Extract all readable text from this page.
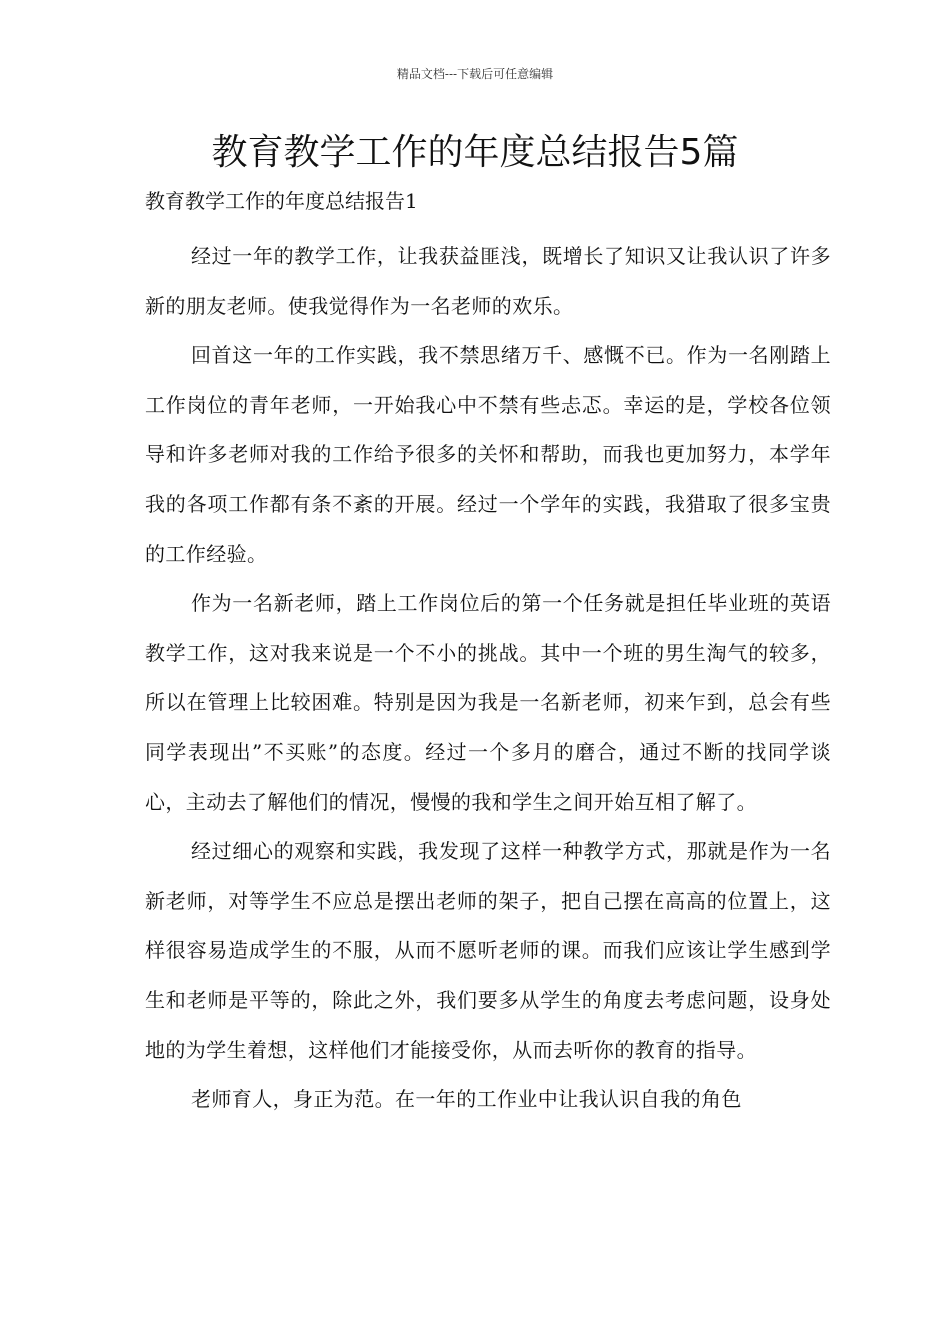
精品文档---下载后可任意编辑
教育教学工作的年度总结报告5篇
教育教学工作的年度总结报告1

经过一年的教学工作，让我获益匪浅，既增长了知识又让我认识了许多新的朋友老师。使我觉得作为一名老师的欢乐。

回首这一年的工作实践，我不禁思绪万千、感慨不已。作为一名刚踏上工作岗位的青年老师，一开始我心中不禁有些忐忑。幸运的是，学校各位领导和许多老师对我的工作给予很多的关怀和帮助，而我也更加努力，本学年我的各项工作都有条不紊的开展。经过一个学年的实践，我猎取了很多宝贵的工作经验。

作为一名新老师，踏上工作岗位后的第一个任务就是担任毕业班的英语教学工作，这对我来说是一个不小的挑战。其中一个班的男生淘气的较多，所以在管理上比较困难。特别是因为我是一名新老师，初来乍到，总会有些同学表现出”不买账”的态度。经过一个多月的磨合，通过不断的找同学谈心，主动去了解他们的情况，慢慢的我和学生之间开始互相了解了。

经过细心的观察和实践，我发现了这样一种教学方式，那就是作为一名新老师，对等学生不应总是摆出老师的架子，把自己摆在高高的位置上，这样很容易造成学生的不服，从而不愿听老师的课。而我们应该让学生感到学生和老师是平等的，除此之外，我们要多从学生的角度去考虑问题，设身处地的为学生着想，这样他们才能接受你，从而去听你的教育的指导。

老师育人，身正为范。在一年的工作业中让我认识自我的角色
